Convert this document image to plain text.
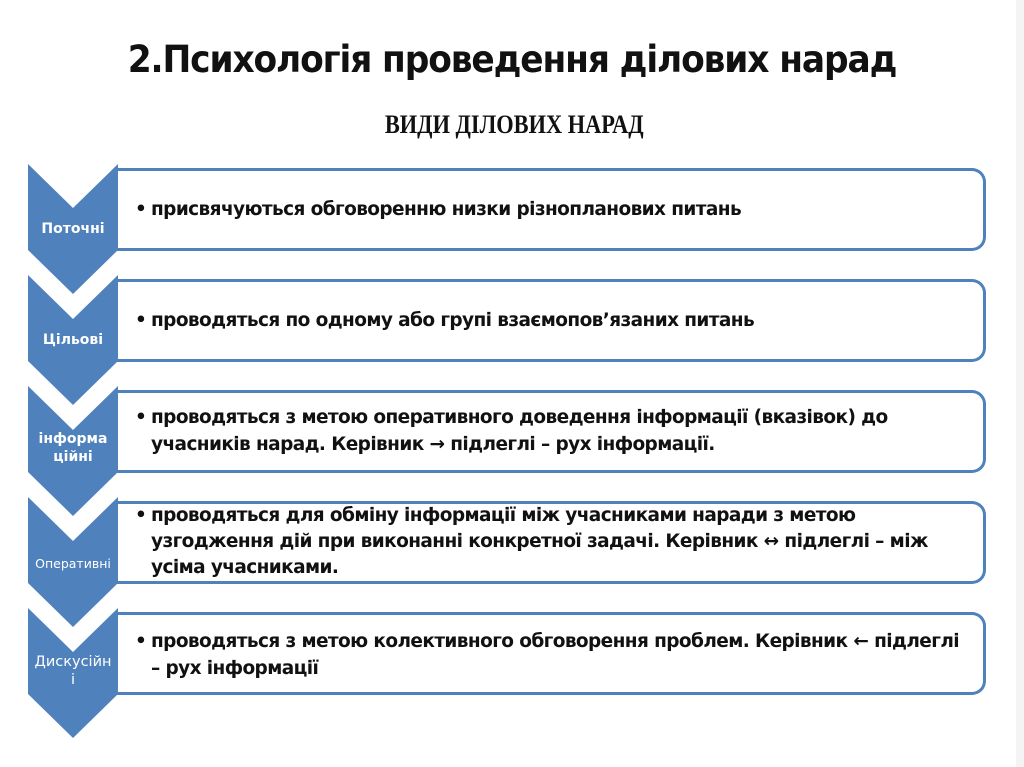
2.Психологія проведення ділових нарад
ВИДИ ДІЛОВИХ НАРАД
• присвячуються обговоренню низки різнопланових питань
Поточні
• проводяться по одному або групі взаємопов’язаних питань
Цільові
• проводяться з метою оперативного доведення інформації (вказівок) до учасників нарад. Керівник → підлеглі – рух інформації.
інформа
ційні
• проводяться для обміну інформації між учасниками наради з метою узгодження дій при виконанні конкретної задачі. Керівник ↔ підлеглі – між усіма учасниками.
Оперативні
• проводяться з метою колективного обговорення проблем. Керівник ← підлеглі – рух інформації
Дискусійн
і
